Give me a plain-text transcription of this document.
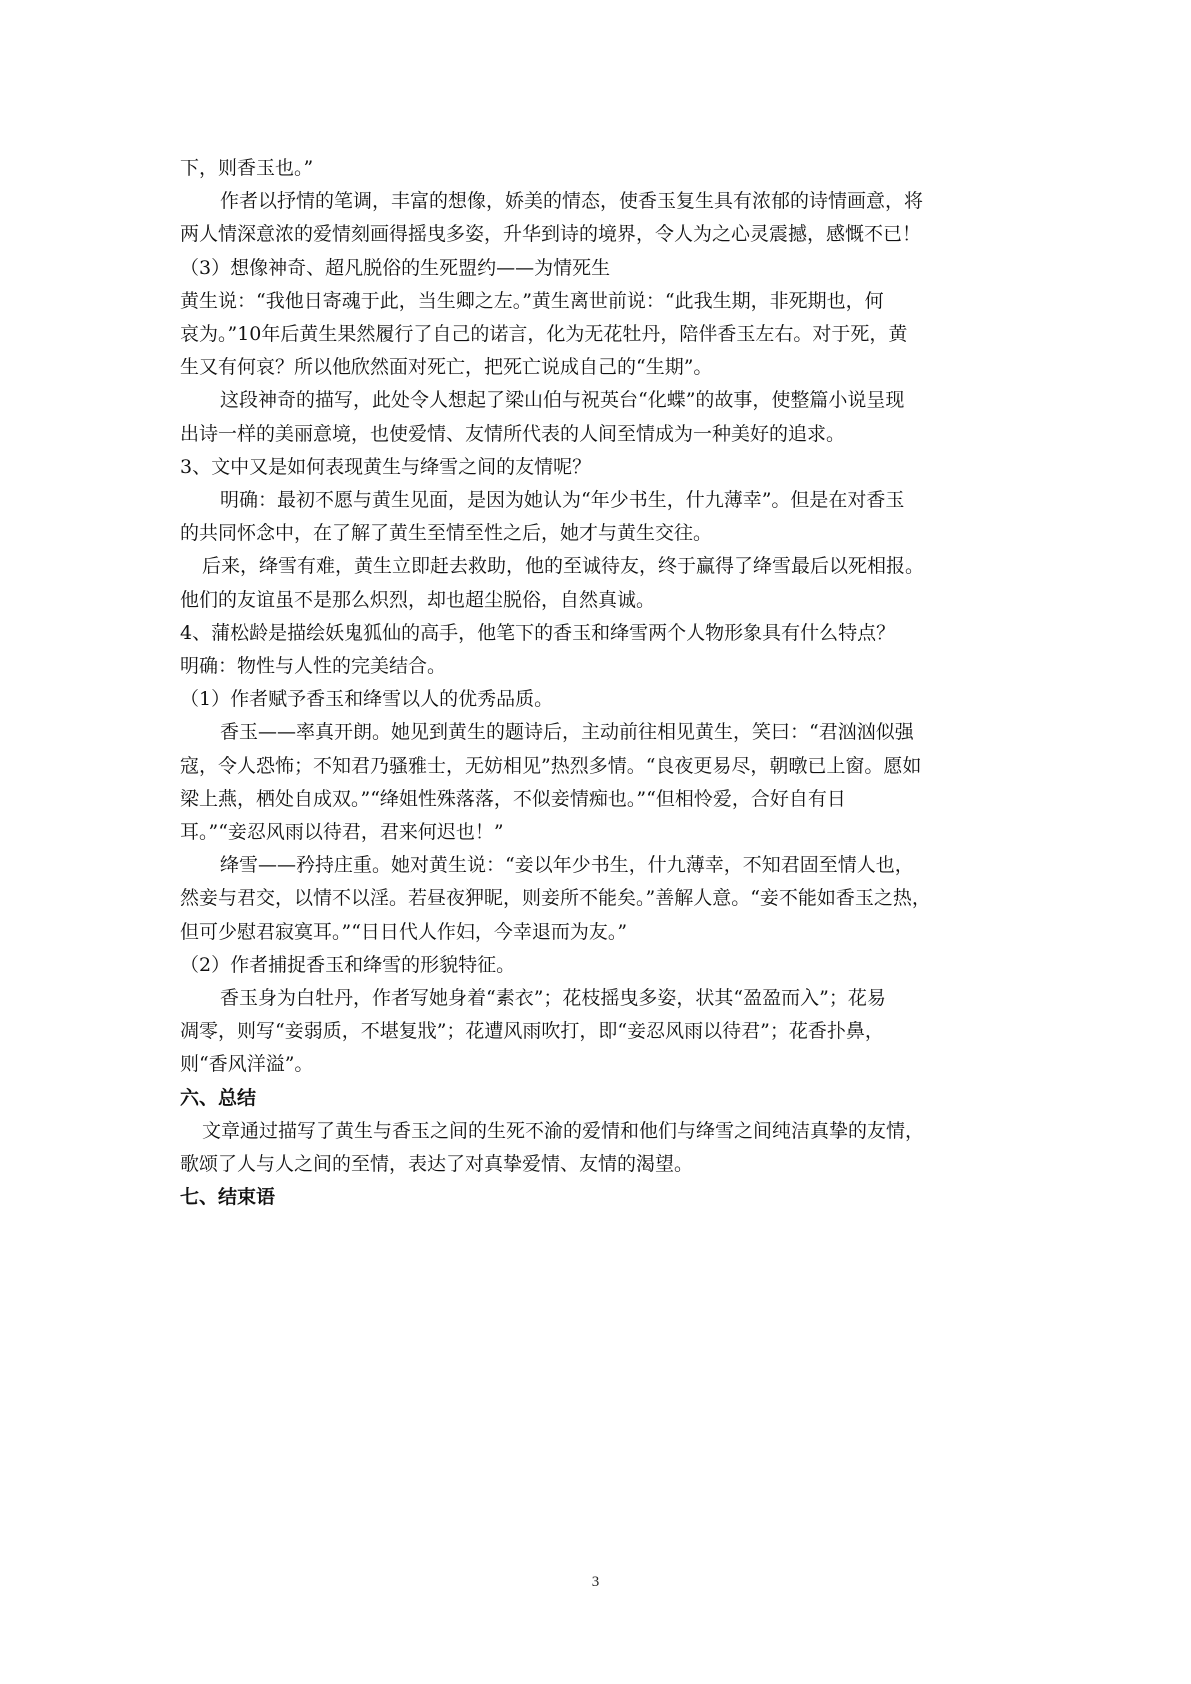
下，则香玉也。”

作者以抒情的笔调，丰富的想像，娇美的情态，使香玉复生具有浓郁的诗情画意，将

两人情深意浓的爱情刻画得摇曳多姿，升华到诗的境界，令人为之心灵震撼，感慨不已！

（3）想像神奇、超凡脱俗的生死盟约——为情死生

黄生说：“我他日寄魂于此，当生卿之左。”黄生离世前说：“此我生期，非死期也，何

哀为。”10年后黄生果然履行了自己的诺言，化为无花牡丹，陪伴香玉左右。对于死，黄

生又有何哀？所以他欣然面对死亡，把死亡说成自己的“生期”。

这段神奇的描写，此处令人想起了梁山伯与祝英台“化蝶”的故事，使整篇小说呈现

出诗一样的美丽意境，也使爱情、友情所代表的人间至情成为一种美好的追求。

3、文中又是如何表现黄生与绛雪之间的友情呢？

明确：最初不愿与黄生见面，是因为她认为“年少书生，什九薄幸”。但是在对香玉

的共同怀念中，在了解了黄生至情至性之后，她才与黄生交往。

后来，绛雪有难，黄生立即赶去救助，他的至诚待友，终于赢得了绛雪最后以死相报。

他们的友谊虽不是那么炽烈，却也超尘脱俗，自然真诚。

4、蒲松龄是描绘妖鬼狐仙的高手，他笔下的香玉和绛雪两个人物形象具有什么特点？

明确：物性与人性的完美结合。

（1）作者赋予香玉和绛雪以人的优秀品质。

香玉——率真开朗。她见到黄生的题诗后，主动前往相见黄生，笑曰：“君汹汹似强

寇，令人恐怖；不知君乃骚雅士，无妨相见”热烈多情。“良夜更易尽，朝暾已上窗。愿如

梁上燕，栖处自成双。”“绛姐性殊落落，不似妾情痴也。”“但相怜爱，合好自有日

耳。”“妾忍风雨以待君，君来何迟也！”

绛雪——矜持庄重。她对黄生说：“妾以年少书生，什九薄幸，不知君固至情人也，

然妾与君交，以情不以淫。若昼夜狎昵，则妾所不能矣。”善解人意。“妾不能如香玉之热，

但可少慰君寂寞耳。”“日日代人作妇，今幸退而为友。”

（2）作者捕捉香玉和绛雪的形貌特征。

香玉身为白牡丹，作者写她身着“素衣”；花枝摇曳多姿，状其“盈盈而入”；花易

凋零，则写“妾弱质，不堪复戕”；花遭风雨吹打，即“妾忍风雨以待君”；花香扑鼻，

则“香风洋溢”。

六、总结

文章通过描写了黄生与香玉之间的生死不渝的爱情和他们与绛雪之间纯洁真挚的友情，

歌颂了人与人之间的至情，表达了对真挚爱情、友情的渴望。

七、结束语

3
